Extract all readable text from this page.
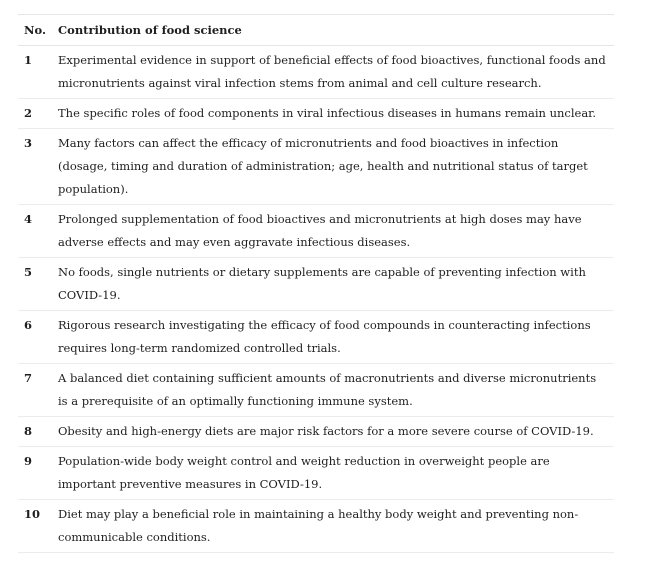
No.	Contribution of food science
1	Experimental evidence in support of beneficial effects of food bioactives, functional foods and micronutrients against viral infection stems from animal and cell culture research.
2	The specific roles of food components in viral infectious diseases in humans remain unclear.
3	Many factors can affect the efficacy of micronutrients and food bioactives in infection (dosage, timing and duration of administration; age, health and nutritional status of target population).
4	Prolonged supplementation of food bioactives and micronutrients at high doses may have adverse effects and may even aggravate infectious diseases.
5	No foods, single nutrients or dietary supplements are capable of preventing infection with COVID-19.
6	Rigorous research investigating the efficacy of food compounds in counteracting infections requires long-term randomized controlled trials.
7	A balanced diet containing sufficient amounts of macronutrients and diverse micronutrients is a prerequisite of an optimally functioning immune system.
8	Obesity and high-energy diets are major risk factors for a more severe course of COVID-19.
9	Population-wide body weight control and weight reduction in overweight people are important preventive measures in COVID-19.
10	Diet may play a beneficial role in maintaining a healthy body weight and preventing non-communicable conditions.
